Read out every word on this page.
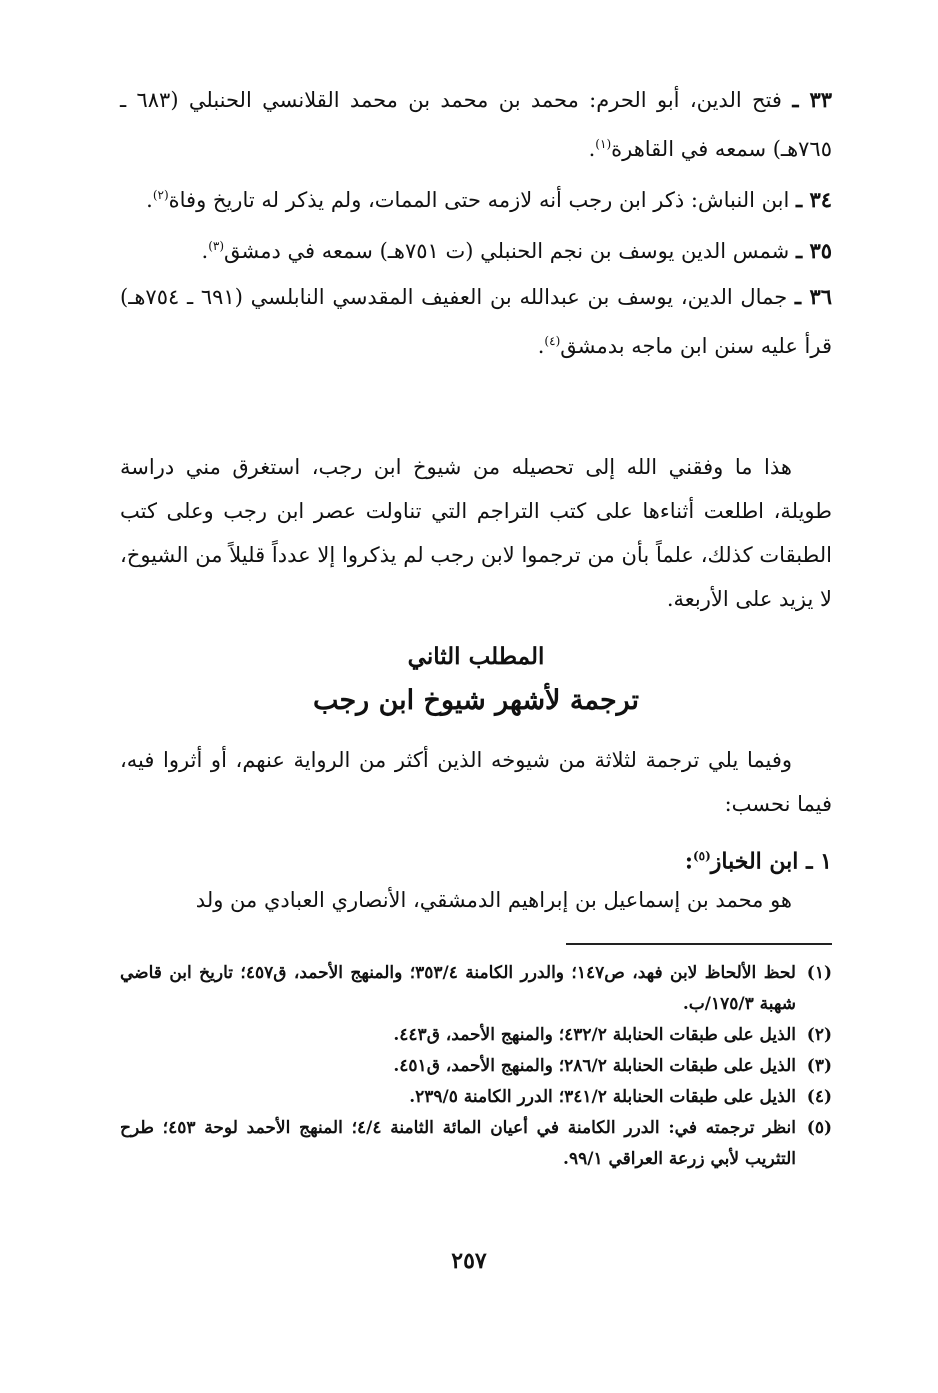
٣٣ ـ فتح الدين، أبو الحرم: محمد بن محمد بن محمد القلانسي الحنبلي (٦٨٣ ـ ٧٦٥هـ) سمعه في القاهرة$^{(١)}$.

٣٤ ـ ابن النباش: ذكر ابن رجب أنه لازمه حتى الممات، ولم يذكر له تاريخ وفاة$^{(٢)}$.

٣٥ ـ شمس الدين يوسف بن نجم الحنبلي (ت ٧٥١هـ) سمعه في دمشق$^{(٣)}$.

٣٦ ـ جمال الدين، يوسف بن عبدالله بن العفيف المقدسي النابلسي (٦٩١ ـ ٧٥٤هـ) قرأ عليه سنن ابن ماجه بدمشق$^{(٤)}$.

هذا ما وفقني الله إلى تحصيله من شيوخ ابن رجب، استغرق مني دراسة طويلة، اطلعت أثناءها على كتب التراجم التي تناولت عصر ابن رجب وعلى كتب الطبقات كذلك، علماً بأن من ترجموا لابن رجب لم يذكروا إلا عدداً قليلاً من الشيوخ، لا يزيد على الأربعة.

المطلب الثاني
ترجمة لأشهر شيوخ ابن رجب

وفيما يلي ترجمة لثلاثة من شيوخه الذين أكثر من الرواية عنهم، أو أثروا فيه، فيما نحسب:

١ ـ ابن الخباز$^{(٥)}$:

هو محمد بن إسماعيل بن إبراهيم الدمشقي، الأنصاري العبادي من ولد

(١)
لحظ الألحاظ لابن فهد، ص١٤٧؛ والدرر الكامنة ٣٥٣/٤؛ والمنهج الأحمد، ق٤٥٧؛ تاريخ ابن قاضي شهبة ١٧٥/٣/ب.

(٢)
الذيل على طبقات الحنابلة ٤٣٢/٢؛ والمنهج الأحمد، ق٤٤٣.

(٣)
الذيل على طبقات الحنابلة ٢٨٦/٢؛ والمنهج الأحمد، ق٤٥١.

(٤)
الذيل على طبقات الحنابلة ٣٤١/٢؛ الدرر الكامنة ٢٣٩/٥.

(٥)
انظر ترجمته في: الدرر الكامنة في أعيان المائة الثامنة ٤/٤؛ المنهج الأحمد لوحة ٤٥٣؛ طرح التثريب لأبي زرعة العراقي ٩٩/١.

٢٥٧
